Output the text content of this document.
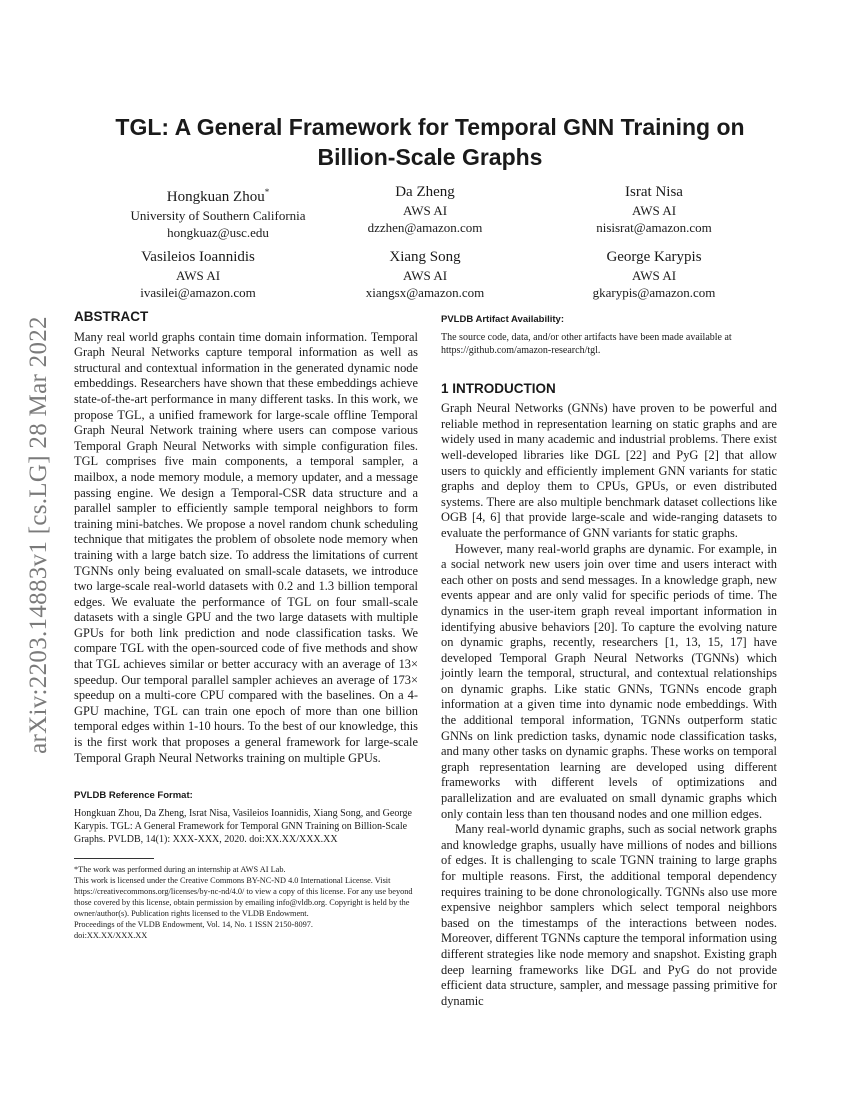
arXiv:2203.14883v1 [cs.LG] 28 Mar 2022
TGL: A General Framework for Temporal GNN Training on Billion-Scale Graphs
Hongkuan Zhou*
University of Southern California
hongkuaz@usc.edu
Da Zheng
AWS AI
dzzhen@amazon.com
Israt Nisa
AWS AI
nisisrat@amazon.com
Vasileios Ioannidis
AWS AI
ivasilei@amazon.com
Xiang Song
AWS AI
xiangsx@amazon.com
George Karypis
AWS AI
gkarypis@amazon.com
ABSTRACT

Many real world graphs contain time domain information. Temporal Graph Neural Networks capture temporal information as well as structural and contextual information in the generated dynamic node embeddings. Researchers have shown that these embeddings achieve state-of-the-art performance in many different tasks. In this work, we propose TGL, a unified framework for large-scale offline Temporal Graph Neural Network training where users can compose various Temporal Graph Neural Networks with simple configuration files. TGL comprises five main components, a temporal sampler, a mailbox, a node memory module, a memory updater, and a message passing engine. We design a Temporal-CSR data structure and a parallel sampler to efficiently sample temporal neighbors to form training mini-batches. We propose a novel random chunk scheduling technique that mitigates the problem of obsolete node memory when training with a large batch size. To address the limitations of current TGNNs only being evaluated on small-scale datasets, we introduce two large-scale real-world datasets with 0.2 and 1.3 billion temporal edges. We evaluate the performance of TGL on four small-scale datasets with a single GPU and the two large datasets with multiple GPUs for both link prediction and node classification tasks. We compare TGL with the open-sourced code of five methods and show that TGL achieves similar or better accuracy with an average of 13× speedup. Our temporal parallel sampler achieves an average of 173× speedup on a multi-core CPU compared with the baselines. On a 4-GPU machine, TGL can train one epoch of more than one billion temporal edges within 1-10 hours. To the best of our knowledge, this is the first work that proposes a general framework for large-scale Temporal Graph Neural Networks training on multiple GPUs.

PVLDB Reference Format:

Hongkuan Zhou, Da Zheng, Israt Nisa, Vasileios Ioannidis, Xiang Song, and George Karypis. TGL: A General Framework for Temporal GNN Training on Billion-Scale Graphs. PVLDB, 14(1): XXX-XXX, 2020. doi:XX.XX/XXX.XX

*The work was performed during an internship at AWS AI Lab.

This work is licensed under the Creative Commons BY-NC-ND 4.0 International License. Visit https://creativecommons.org/licenses/by-nc-nd/4.0/ to view a copy of this license. For any use beyond those covered by this license, obtain permission by emailing info@vldb.org. Copyright is held by the owner/author(s). Publication rights licensed to the VLDB Endowment.

Proceedings of the VLDB Endowment, Vol. 14, No. 1 ISSN 2150-8097.

doi:XX.XX/XXX.XX

PVLDB Artifact Availability:

The source code, data, and/or other artifacts have been made available at https://github.com/amazon-research/tgl.

1 INTRODUCTION

Graph Neural Networks (GNNs) have proven to be powerful and reliable method in representation learning on static graphs and are widely used in many academic and industrial problems. There exist well-developed libraries like DGL [22] and PyG [2] that allow users to quickly and efficiently implement GNN variants for static graphs and deploy them to CPUs, GPUs, or even distributed systems. There are also multiple benchmark dataset collections like OGB [4, 6] that provide large-scale and wide-ranging datasets to evaluate the performance of GNN variants for static graphs.

However, many real-world graphs are dynamic. For example, in a social network new users join over time and users interact with each other on posts and send messages. In a knowledge graph, new events appear and are only valid for specific periods of time. The dynamics in the user-item graph reveal important information in identifying abusive behaviors [20]. To capture the evolving nature on dynamic graphs, recently, researchers [1, 13, 15, 17] have developed Temporal Graph Neural Networks (TGNNs) which jointly learn the temporal, structural, and contextual relationships on dynamic graphs. Like static GNNs, TGNNs encode graph information at a given time into dynamic node embeddings. With the additional temporal information, TGNNs outperform static GNNs on link prediction tasks, dynamic node classification tasks, and many other tasks on dynamic graphs. These works on temporal graph representation learning are developed using different frameworks with different levels of optimizations and parallelization and are evaluated on small dynamic graphs which only contain less than ten thousand nodes and one million edges.

Many real-world dynamic graphs, such as social network graphs and knowledge graphs, usually have millions of nodes and billions of edges. It is challenging to scale TGNN training to large graphs for multiple reasons. First, the additional temporal dependency requires training to be done chronologically. TGNNs also use more expensive neighbor samplers which select temporal neighbors based on the timestamps of the interactions between nodes. Moreover, different TGNNs capture the temporal information using different strategies like node memory and snapshot. Existing graph deep learning frameworks like DGL and PyG do not provide efficient data structure, sampler, and message passing primitive for dynamic
